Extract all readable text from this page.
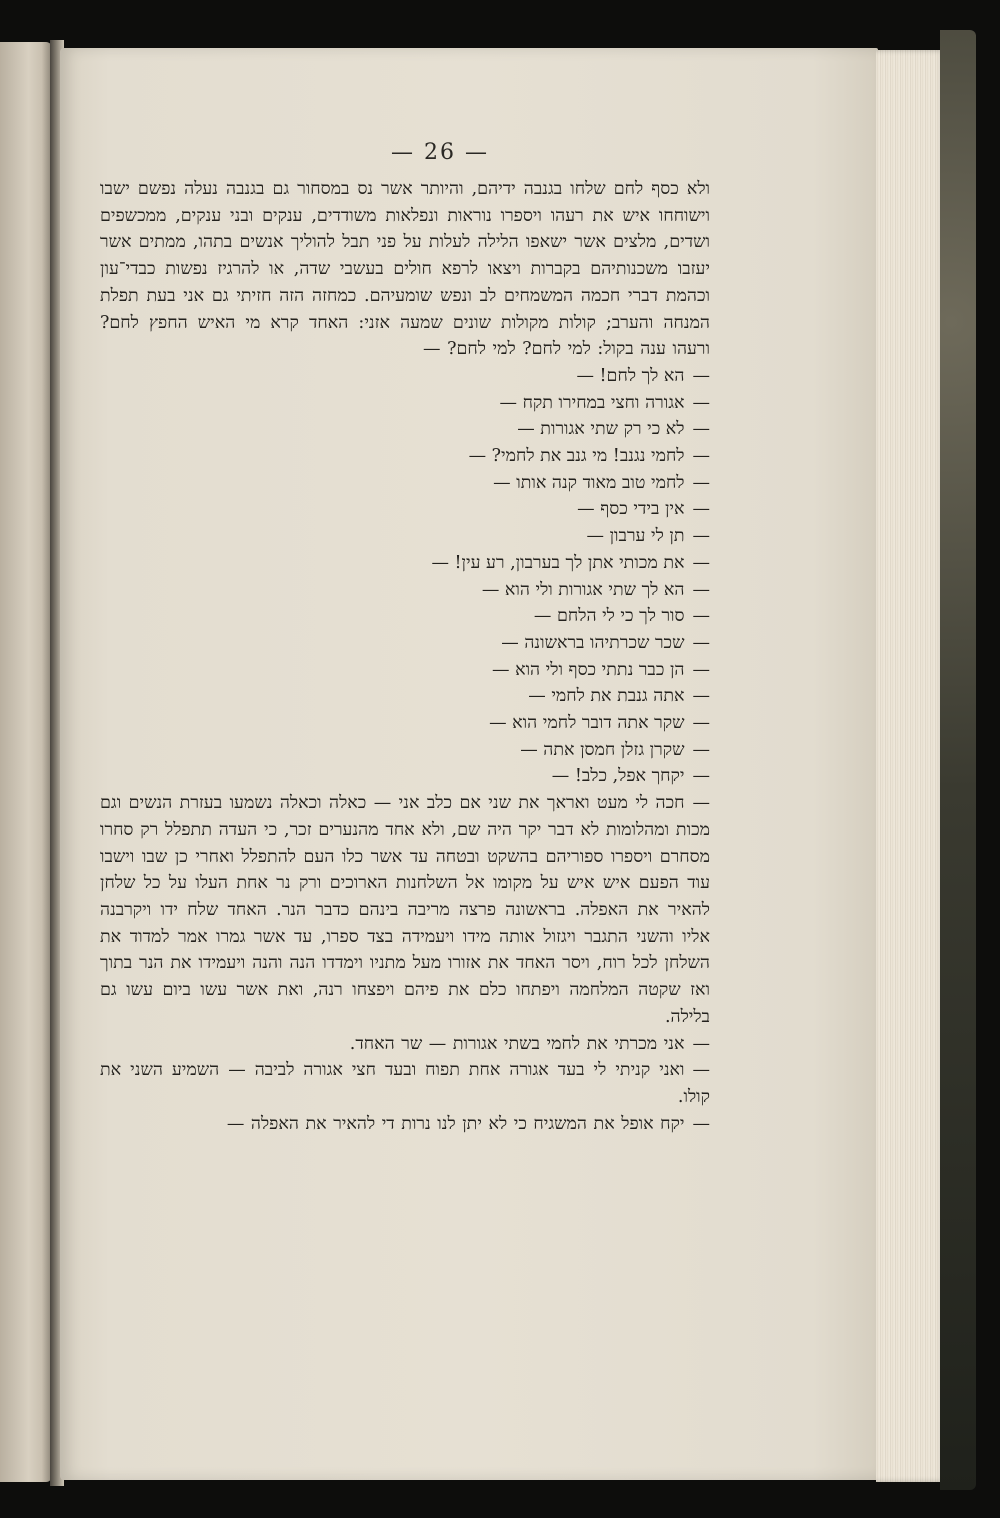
— 26 —

ולא כסף לחם שלחו בגנבה ידיהם, והיותר אשר נס במסחור גם בגנבה נעלה נפשם ישבו וישוחחו איש את רעהו ויספרו נוראות ונפלאות משודדים, ענקים ובני ענקים, ממכשפים ושדים, מלצים אשר ישאפו הלילה לעלות על פני תבל להוליך אנשים בתהו, ממתים אשר יעזבו משכנותיהם בקברות ויצאו לרפא חולים בעשבי שדה, או להרגיז נפשות כבדי־עון וכהמת דברי חכמה המשמחים לב ונפש שומעיהם. כמחזה הזה חזיתי גם אני בעת תפלת המנחה והערב; קולות מקולות שונים שמעה אזני: האחד קרא מי האיש החפץ לחם? ורעהו ענה בקול: למי לחם? למי לחם? —

—הא לך לחם! —

—אגורה וחצי במחירו תקח —

—לא כי רק שתי אגורות —

—לחמי נגנב! מי גנב את לחמי? —

—לחמי טוב מאוד קנה אותו —

—אין בידי כסף —

—תן לי ערבון —

—את מכותי אתן לך בערבון, רע עין! —

—הא לך שתי אגורות ולי הוא —

—סור לך כי לי הלחם —

—שכר שכרתיהו בראשונה —

—הן כבר נתתי כסף ולי הוא —

—אתה גנבת את לחמי —

—שקר אתה דובר לחמי הוא —

—שקרן גזלן חמסן אתה —

—יקחך אפל, כלב! —

—חכה לי מעט ואראך את שני אם כלב אני — כאלה וכאלה נשמעו בעזרת הנשים וגם מכות ומהלומות לא דבר יקר היה שם, ולא אחד מהנערים זכר, כי העדה תתפלל רק סחרו מסחרם ויספרו ספוריהם בהשקט ובטחה עד אשר כלו העם להתפלל ואחרי כן שבו וישבו עוד הפעם איש איש על מקומו אל השלחנות הארוכים ורק נר אחת העלו על כל שלחן להאיר את האפלה. בראשונה פרצה מריבה בינהם כדבר הנר. האחד שלח ידו ויקרבנה אליו והשני התגבר ויגזול אותה מידו ויעמידה בצד ספרו, עד אשר גמרו אמר למדוד את השלחן לכל רוח, ויסר האחד את אזורו מעל מתניו וימדדו הנה והנה ויעמידו את הנר בתוך ואז שקטה המלחמה ויפתחו כלם את פיהם ויפצחו רנה, ואת אשר עשו ביום עשו גם בלילה.

—אני מכרתי את לחמי בשתי אגורות — שר האחד.

—ואני קניתי לי בעד אגורה אחת תפוח ובעד חצי אגורה לביבה — השמיע השני את קולו.

—יקח אופל את המשגיח כי לא יתן לנו נרות די להאיר את האפלה —
